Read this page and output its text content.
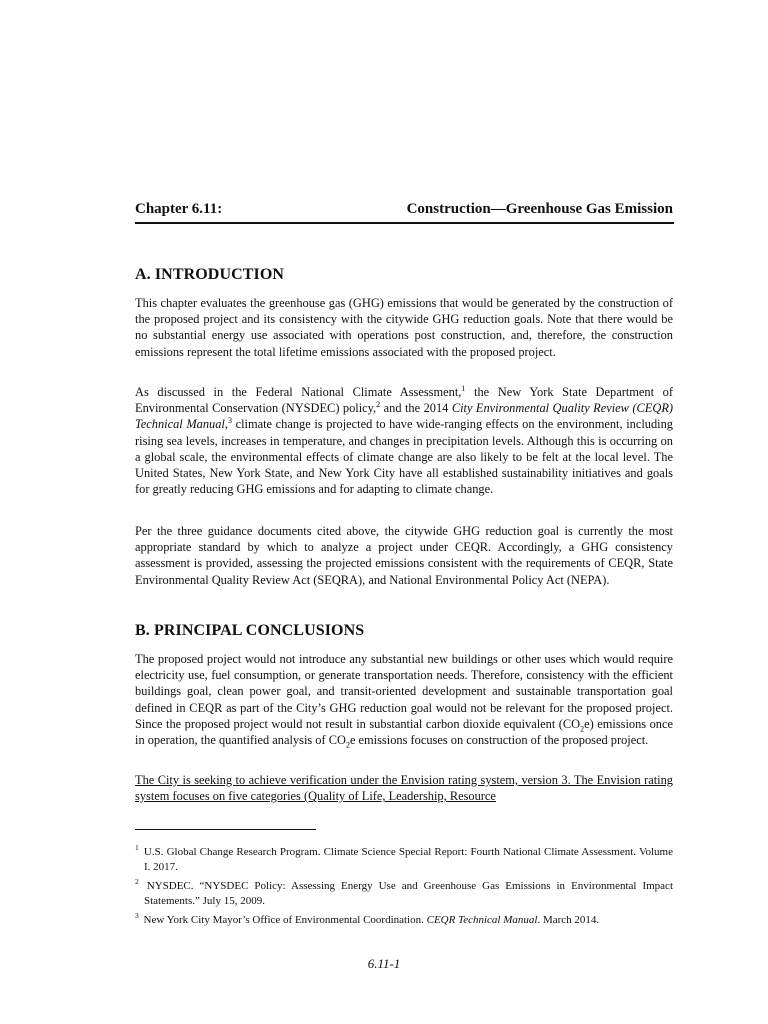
Chapter 6.11:	Construction—Greenhouse Gas Emission
A. INTRODUCTION

This chapter evaluates the greenhouse gas (GHG) emissions that would be generated by the construction of the proposed project and its consistency with the citywide GHG reduction goals. Note that there would be no substantial energy use associated with operations post construction, and, therefore, the construction emissions represent the total lifetime emissions associated with the proposed project.

As discussed in the Federal National Climate Assessment,$^1$ the New York State Department of Environmental Conservation (NYSDEC) policy,$^2$ and the 2014 City Environmental Quality Review (CEQR) Technical Manual,$^3$ climate change is projected to have wide-ranging effects on the environment, including rising sea levels, increases in temperature, and changes in precipitation levels. Although this is occurring on a global scale, the environmental effects of climate change are also likely to be felt at the local level. The United States, New York State, and New York City have all established sustainability initiatives and goals for greatly reducing GHG emissions and for adapting to climate change.

Per the three guidance documents cited above, the citywide GHG reduction goal is currently the most appropriate standard by which to analyze a project under CEQR. Accordingly, a GHG consistency assessment is provided, assessing the projected emissions consistent with the requirements of CEQR, State Environmental Quality Review Act (SEQRA), and National Environmental Policy Act (NEPA).

B. PRINCIPAL CONCLUSIONS

The proposed project would not introduce any substantial new buildings or other uses which would require electricity use, fuel consumption, or generate transportation needs. Therefore, consistency with the efficient buildings goal, clean power goal, and transit-oriented development and sustainable transportation goal defined in CEQR as part of the City’s GHG reduction goal would not be relevant for the proposed project. Since the proposed project would not result in substantial carbon dioxide equivalent $(CO_2e)$ emissions once in operation, the quantified analysis of $CO_2e$ emissions focuses on construction of the proposed project.

The City is seeking to achieve verification under the Envision rating system, version 3. The Envision rating system focuses on five categories (Quality of Life, Leadership, Resource

$^1$ U.S. Global Change Research Program. Climate Science Special Report: Fourth National Climate Assessment. Volume I. 2017.

$^2$ NYSDEC. “NYSDEC Policy: Assessing Energy Use and Greenhouse Gas Emissions in Environmental Impact Statements.” July 15, 2009.

$^3$ New York City Mayor’s Office of Environmental Coordination. CEQR Technical Manual. March 2014.

6.11-1
